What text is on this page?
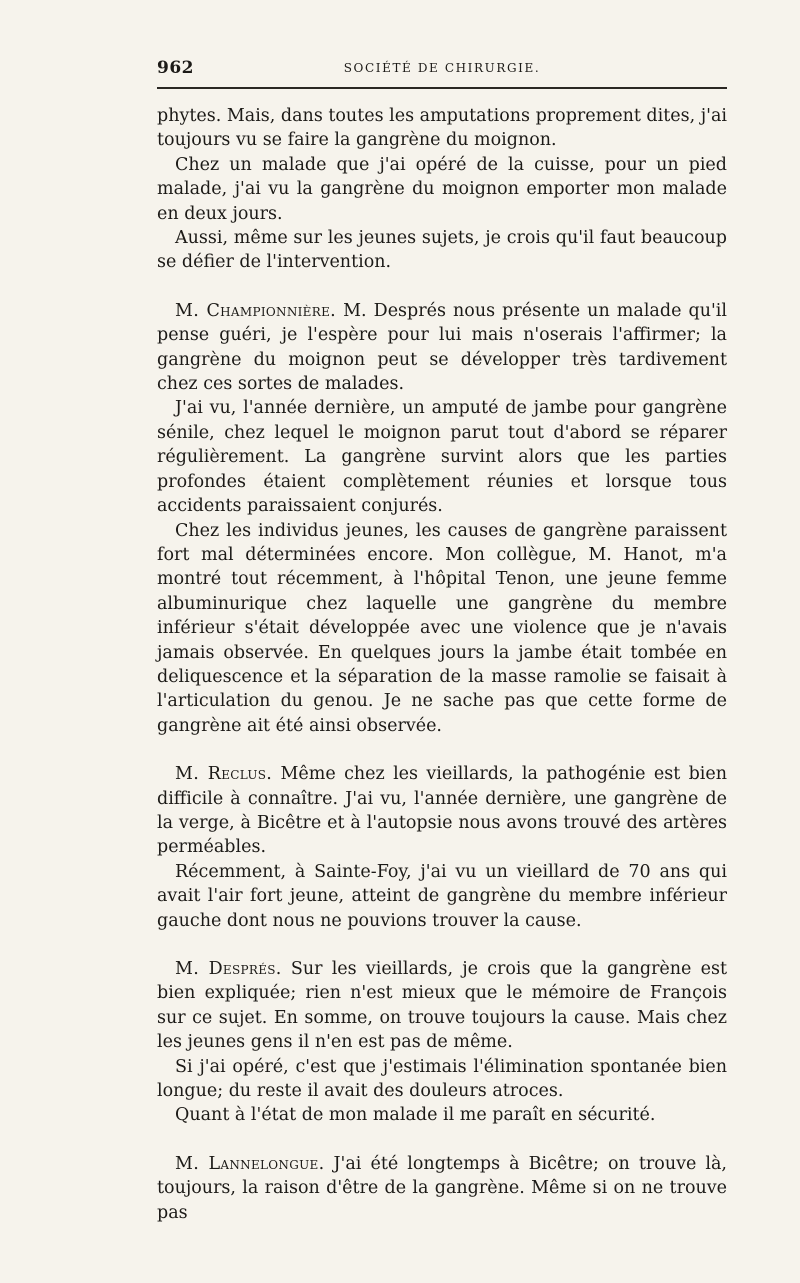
962	SOCIÉTÉ DE CHIRURGIE.

phytes. Mais, dans toutes les amputations proprement dites, j'ai toujours vu se faire la gangrène du moignon.

Chez un malade que j'ai opéré de la cuisse, pour un pied malade, j'ai vu la gangrène du moignon emporter mon malade en deux jours.

Aussi, même sur les jeunes sujets, je crois qu'il faut beaucoup se défier de l'intervention.

M. Championnière. M. Després nous présente un malade qu'il pense guéri, je l'espère pour lui mais n'oserais l'affirmer; la gangrène du moignon peut se développer très tardivement chez ces sortes de malades.

J'ai vu, l'année dernière, un amputé de jambe pour gangrène sénile, chez lequel le moignon parut tout d'abord se réparer régulièrement. La gangrène survint alors que les parties profondes étaient complètement réunies et lorsque tous accidents paraissaient conjurés.

Chez les individus jeunes, les causes de gangrène paraissent fort mal déterminées encore. Mon collègue, M. Hanot, m'a montré tout récemment, à l'hôpital Tenon, une jeune femme albuminurique chez laquelle une gangrène du membre inférieur s'était développée avec une violence que je n'avais jamais observée. En quelques jours la jambe était tombée en deliquescence et la séparation de la masse ramolie se faisait à l'articulation du genou. Je ne sache pas que cette forme de gangrène ait été ainsi observée.

M. Reclus. Même chez les vieillards, la pathogénie est bien difficile à connaître. J'ai vu, l'année dernière, une gangrène de la verge, à Bicêtre et à l'autopsie nous avons trouvé des artères perméables.

Récemment, à Sainte-Foy, j'ai vu un vieillard de 70 ans qui avait l'air fort jeune, atteint de gangrène du membre inférieur gauche dont nous ne pouvions trouver la cause.

M. Després. Sur les vieillards, je crois que la gangrène est bien expliquée; rien n'est mieux que le mémoire de François sur ce sujet. En somme, on trouve toujours la cause. Mais chez les jeunes gens il n'en est pas de même.

Si j'ai opéré, c'est que j'estimais l'élimination spontanée bien longue; du reste il avait des douleurs atroces.

Quant à l'état de mon malade il me paraît en sécurité.

M. Lannelongue. J'ai été longtemps à Bicêtre; on trouve là, toujours, la raison d'être de la gangrène. Même si on ne trouve pas
